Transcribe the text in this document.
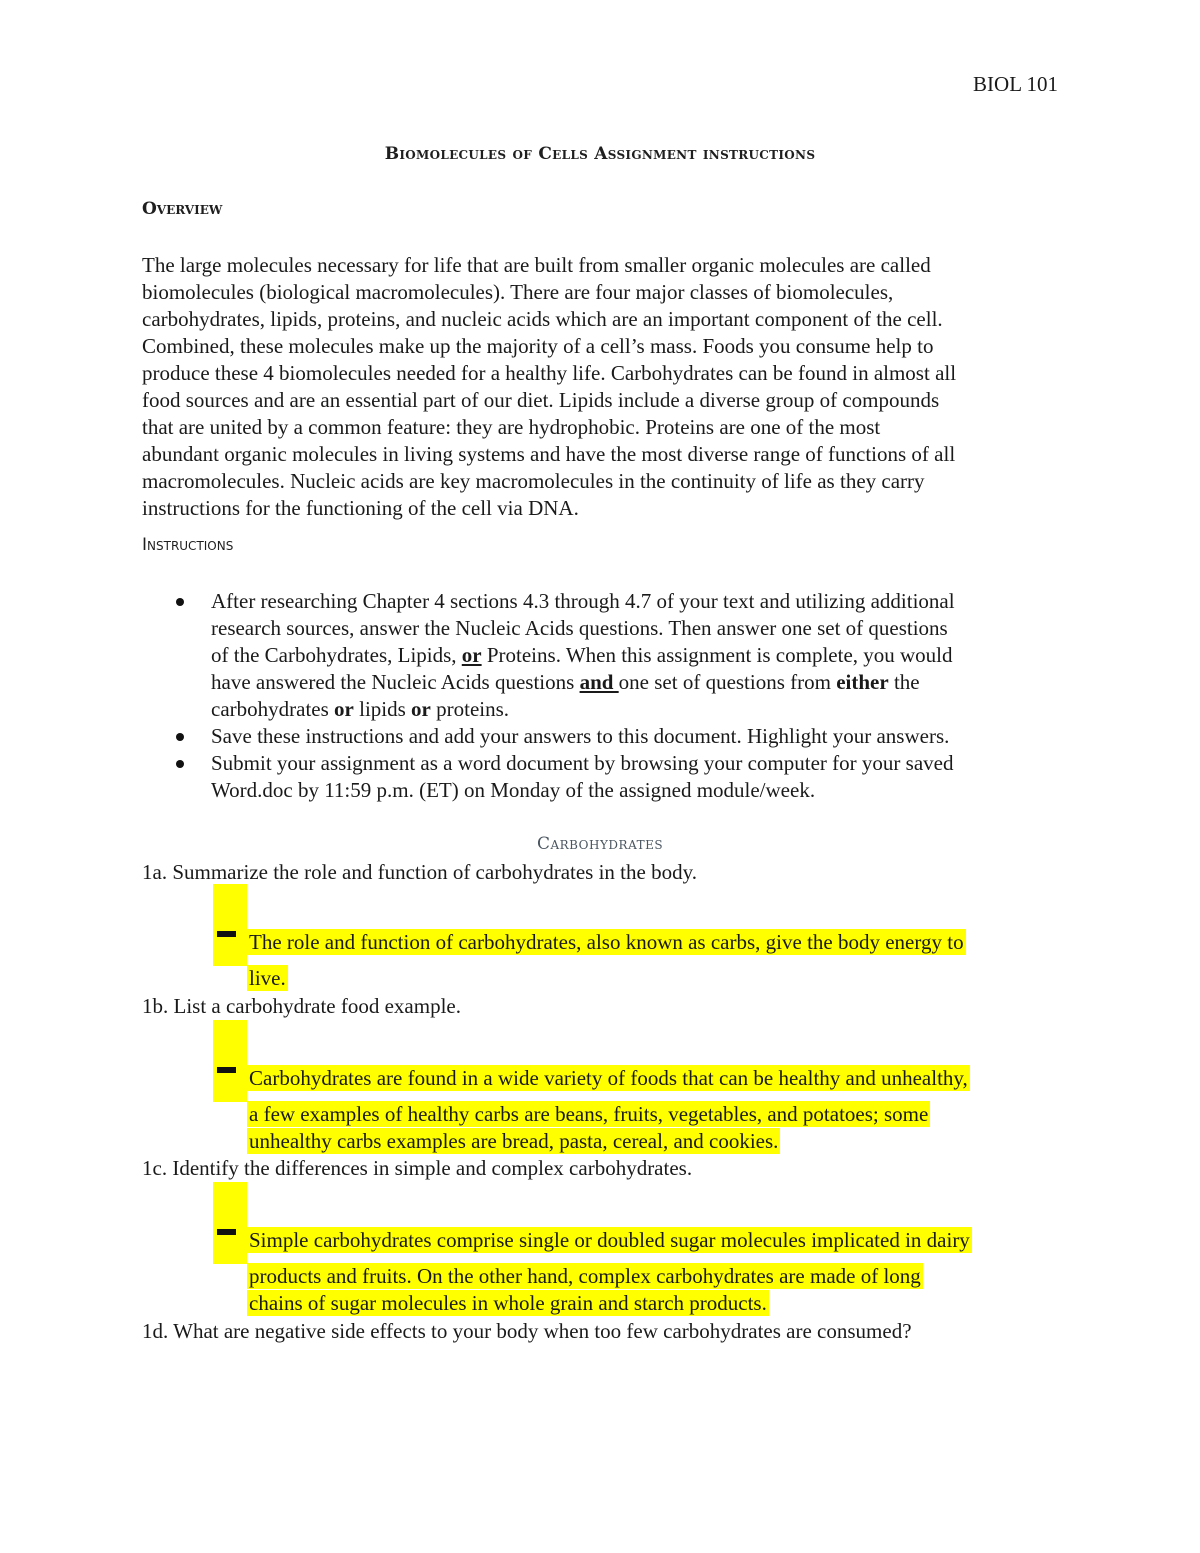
BIOL 101
Biomolecules of Cells Assignment instructions
Overview
The large molecules necessary for life that are built from smaller organic molecules are called
biomolecules (biological macromolecules). There are four major classes of biomolecules,
carbohydrates, lipids, proteins, and nucleic acids which are an important component of the cell.
Combined, these molecules make up the majority of a cell’s mass. Foods you consume help to
produce these 4 biomolecules needed for a healthy life. Carbohydrates can be found in almost all
food sources and are an essential part of our diet. Lipids include a diverse group of compounds
that are united by a common feature: they are hydrophobic. Proteins are one of the most
abundant organic molecules in living systems and have the most diverse range of functions of all
macromolecules. Nucleic acids are key macromolecules in the continuity of life as they carry
instructions for the functioning of the cell via DNA.
Instructions
After researching Chapter 4 sections 4.3 through 4.7 of your text and utilizing additional
research sources, answer the Nucleic Acids questions. Then answer one set of questions
of the Carbohydrates, Lipids, or Proteins. When this assignment is complete, you would
have answered the Nucleic Acids questions and one set of questions from either the
carbohydrates or lipids or proteins.
Save these instructions and add your answers to this document. Highlight your answers.
Submit your assignment as a word document by browsing your computer for your saved
Word.doc by 11:59 p.m. (ET) on Monday of the assigned module/week.
Carbohydrates
1a. Summarize the role and function of carbohydrates in the body.
The role and function of carbohydrates, also known as carbs, give the body energy to
live.
1b. List a carbohydrate food example.
Carbohydrates are found in a wide variety of foods that can be healthy and unhealthy,
a few examples of healthy carbs are beans, fruits, vegetables, and potatoes; some
unhealthy carbs examples are bread, pasta, cereal, and cookies.
1c. Identify the differences in simple and complex carbohydrates.
Simple carbohydrates comprise single or doubled sugar molecules implicated in dairy
products and fruits. On the other hand, complex carbohydrates are made of long
chains of sugar molecules in whole grain and starch products.
1d. What are negative side effects to your body when too few carbohydrates are consumed?
